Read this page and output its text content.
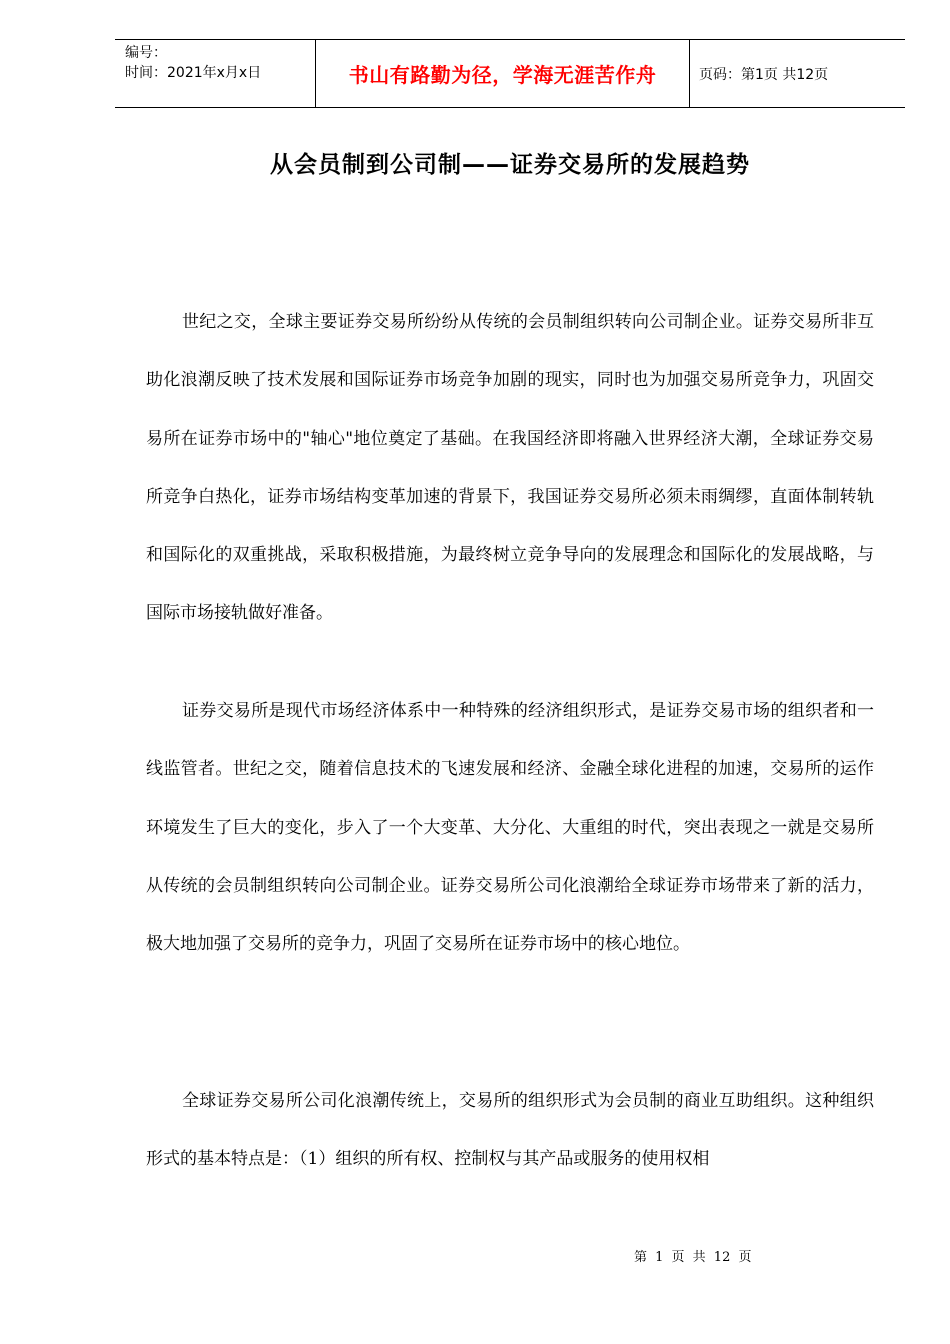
编号：
时间：2021年x月x日	书山有路勤为径，学海无涯苦作舟	页码：第1页 共12页
从会员制到公司制——证券交易所的发展趋势

世纪之交，全球主要证券交易所纷纷从传统的会员制组织转向公司制企业。证券交易所非互助化浪潮反映了技术发展和国际证券市场竞争加剧的现实，同时也为加强交易所竞争力，巩固交易所在证券市场中的"轴心"地位奠定了基础。在我国经济即将融入世界经济大潮，全球证券交易所竞争白热化，证券市场结构变革加速的背景下，我国证券交易所必须未雨绸缪，直面体制转轨和国际化的双重挑战，采取积极措施，为最终树立竞争导向的发展理念和国际化的发展战略，与国际市场接轨做好准备。

证券交易所是现代市场经济体系中一种特殊的经济组织形式，是证券交易市场的组织者和一线监管者。世纪之交，随着信息技术的飞速发展和经济、金融全球化进程的加速，交易所的运作环境发生了巨大的变化，步入了一个大变革、大分化、大重组的时代，突出表现之一就是交易所从传统的会员制组织转向公司制企业。证券交易所公司化浪潮给全球证券市场带来了新的活力，极大地加强了交易所的竞争力，巩固了交易所在证券市场中的核心地位。

全球证券交易所公司化浪潮传统上，交易所的组织形式为会员制的商业互助组织。这种组织形式的基本特点是：（1）组织的所有权、控制权与其产品或服务的使用权相

第 1 页 共 12 页
